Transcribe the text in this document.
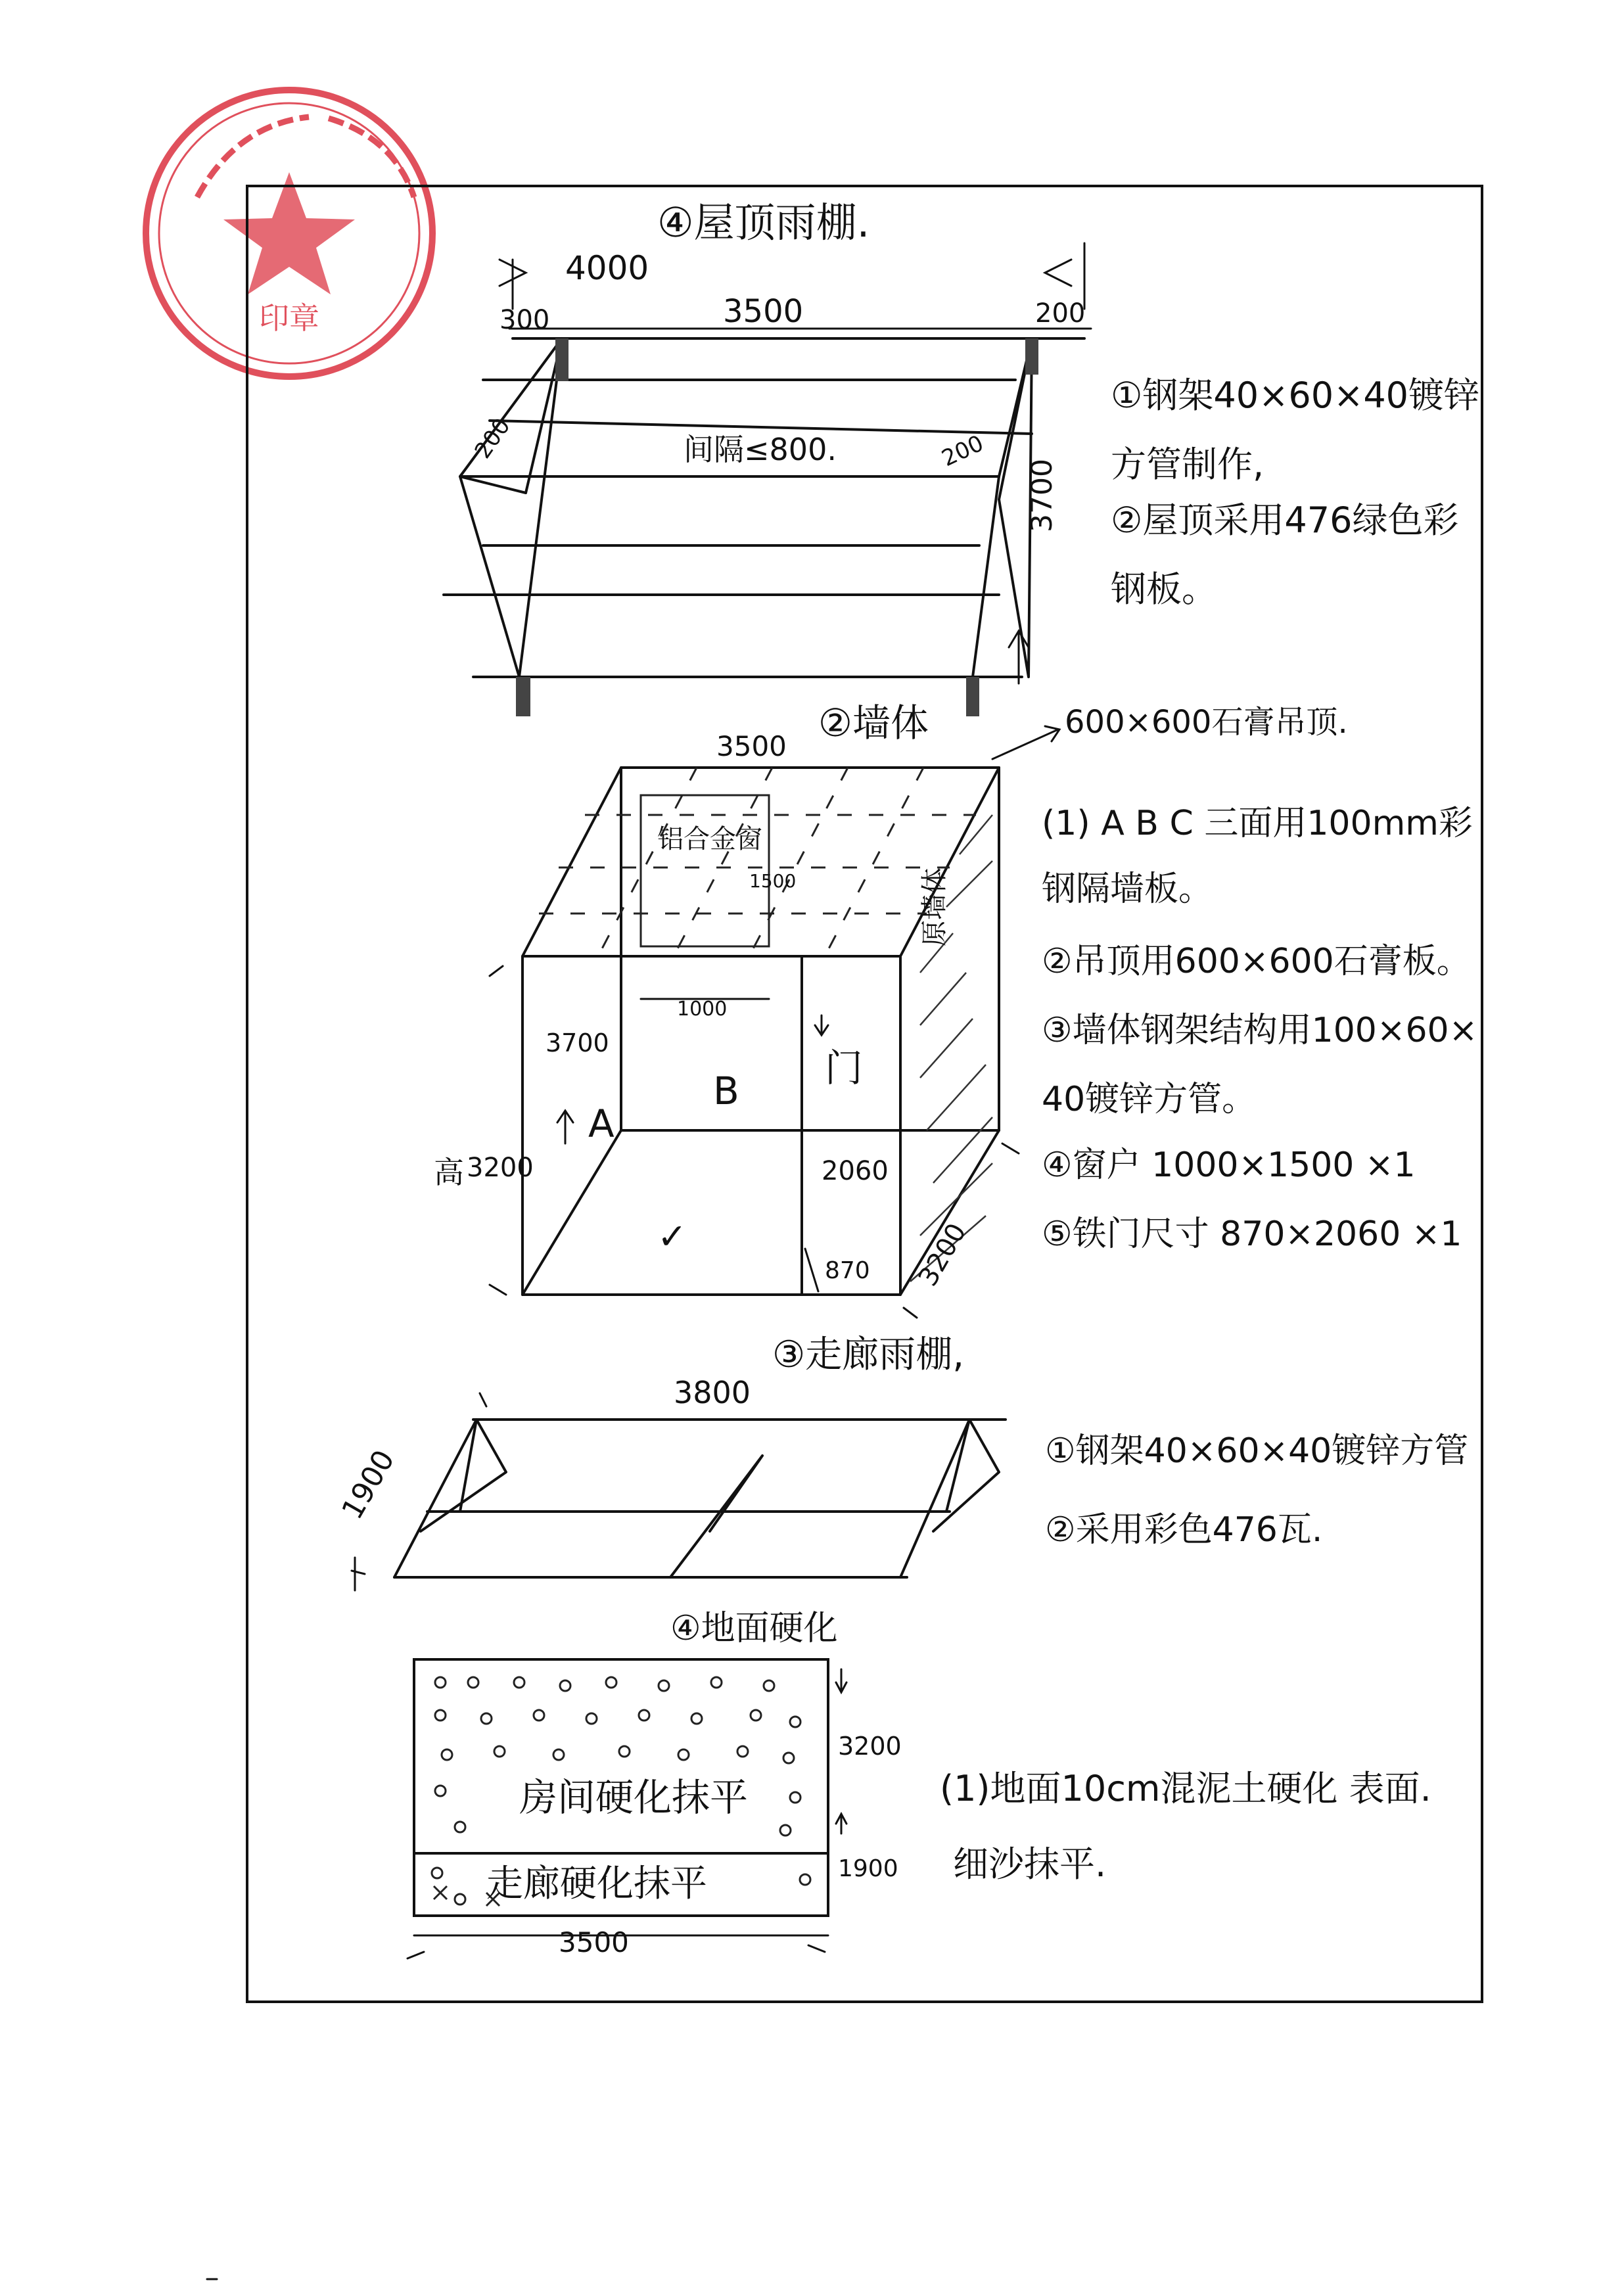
印章
④屋顶雨棚.
4000
300	3500	200
200	200
间隔≤800.
3700
①钢架40×60×40镀锌
方管制作,
②屋顶采用476绿色彩
钢板。
②墙体	600×600石膏吊顶.
3500
铝合金窗
1500
1000
门
2060
870
B
A
✓
原墙体
3700
高 3200
3200
(1) A B C 三面用100mm彩
钢隔墙板。
②吊顶用600×600石膏板。
③墙体钢架结构用100×60×
40镀锌方管。
④窗户 1000×1500 ×1
⑤铁门尺寸 870×2060 ×1
③走廊雨棚,
3800
1900	①钢架40×60×40镀锌方管
②采用彩色476瓦.
④地面硬化
房间硬化抹平
走廊硬化抹平
3200
1900
3500
(1)地面10cm混泥土硬化 表面.
细沙抹平.
